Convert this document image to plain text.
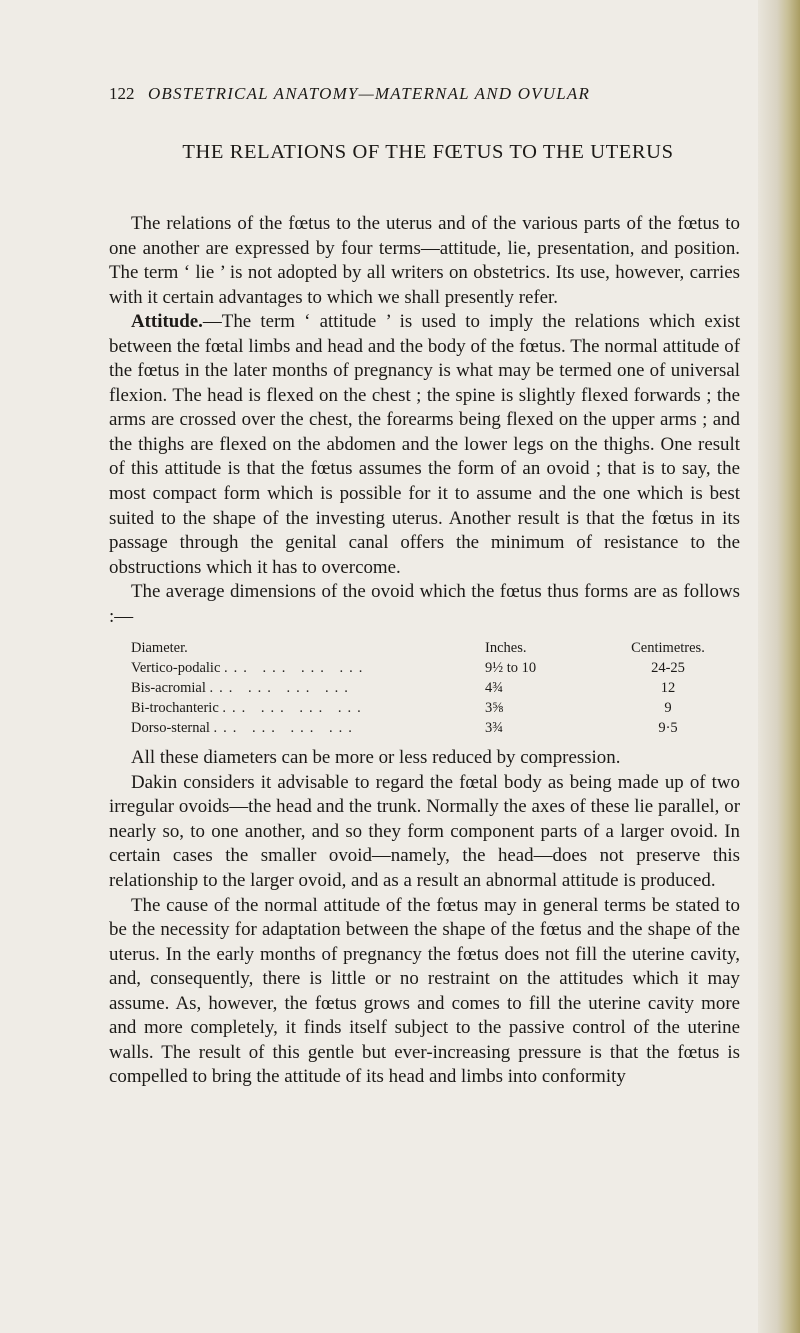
122 OBSTETRICAL ANATOMY—MATERNAL AND OVULAR
THE RELATIONS OF THE FŒTUS TO THE UTERUS

The relations of the fœtus to the uterus and of the various parts of the fœtus to one another are expressed by four terms—attitude, lie, presentation, and position. The term ‘ lie ’ is not adopted by all writers on obstetrics. Its use, however, carries with it certain advantages to which we shall presently refer.

Attitude.—The term ‘ attitude ’ is used to imply the relations which exist between the fœtal limbs and head and the body of the fœtus. The normal attitude of the fœtus in the later months of pregnancy is what may be termed one of universal flexion. The head is flexed on the chest ; the spine is slightly flexed forwards ; the arms are crossed over the chest, the forearms being flexed on the upper arms ; and the thighs are flexed on the abdomen and the lower legs on the thighs. One result of this attitude is that the fœtus assumes the form of an ovoid ; that is to say, the most compact form which is possible for it to assume and the one which is best suited to the shape of the investing uterus. Another result is that the fœtus in its passage through the genital canal offers the minimum of resistance to the obstructions which it has to overcome.

The average dimensions of the ovoid which the fœtus thus forms are as follows :—

Diameter.	Inches.	Centimetres.
Vertico-podalic ... ... ... ...	9½ to 10	24-25
Bis-acromial ... ... ... ...	4¾	12
Bi-trochanteric ... ... ... ...	3⅝	9
Dorso-sternal ... ... ... ...	3¾	9·5

All these diameters can be more or less reduced by compression.

Dakin considers it advisable to regard the fœtal body as being made up of two irregular ovoids—the head and the trunk. Normally the axes of these lie parallel, or nearly so, to one another, and so they form component parts of a larger ovoid. In certain cases the smaller ovoid—namely, the head—does not preserve this relationship to the larger ovoid, and as a result an abnormal attitude is produced.

The cause of the normal attitude of the fœtus may in general terms be stated to be the necessity for adaptation between the shape of the fœtus and the shape of the uterus. In the early months of pregnancy the fœtus does not fill the uterine cavity, and, consequently, there is little or no restraint on the attitudes which it may assume. As, however, the fœtus grows and comes to fill the uterine cavity more and more completely, it finds itself subject to the passive control of the uterine walls. The result of this gentle but ever-increasing pressure is that the fœtus is compelled to bring the attitude of its head and limbs into conformity
